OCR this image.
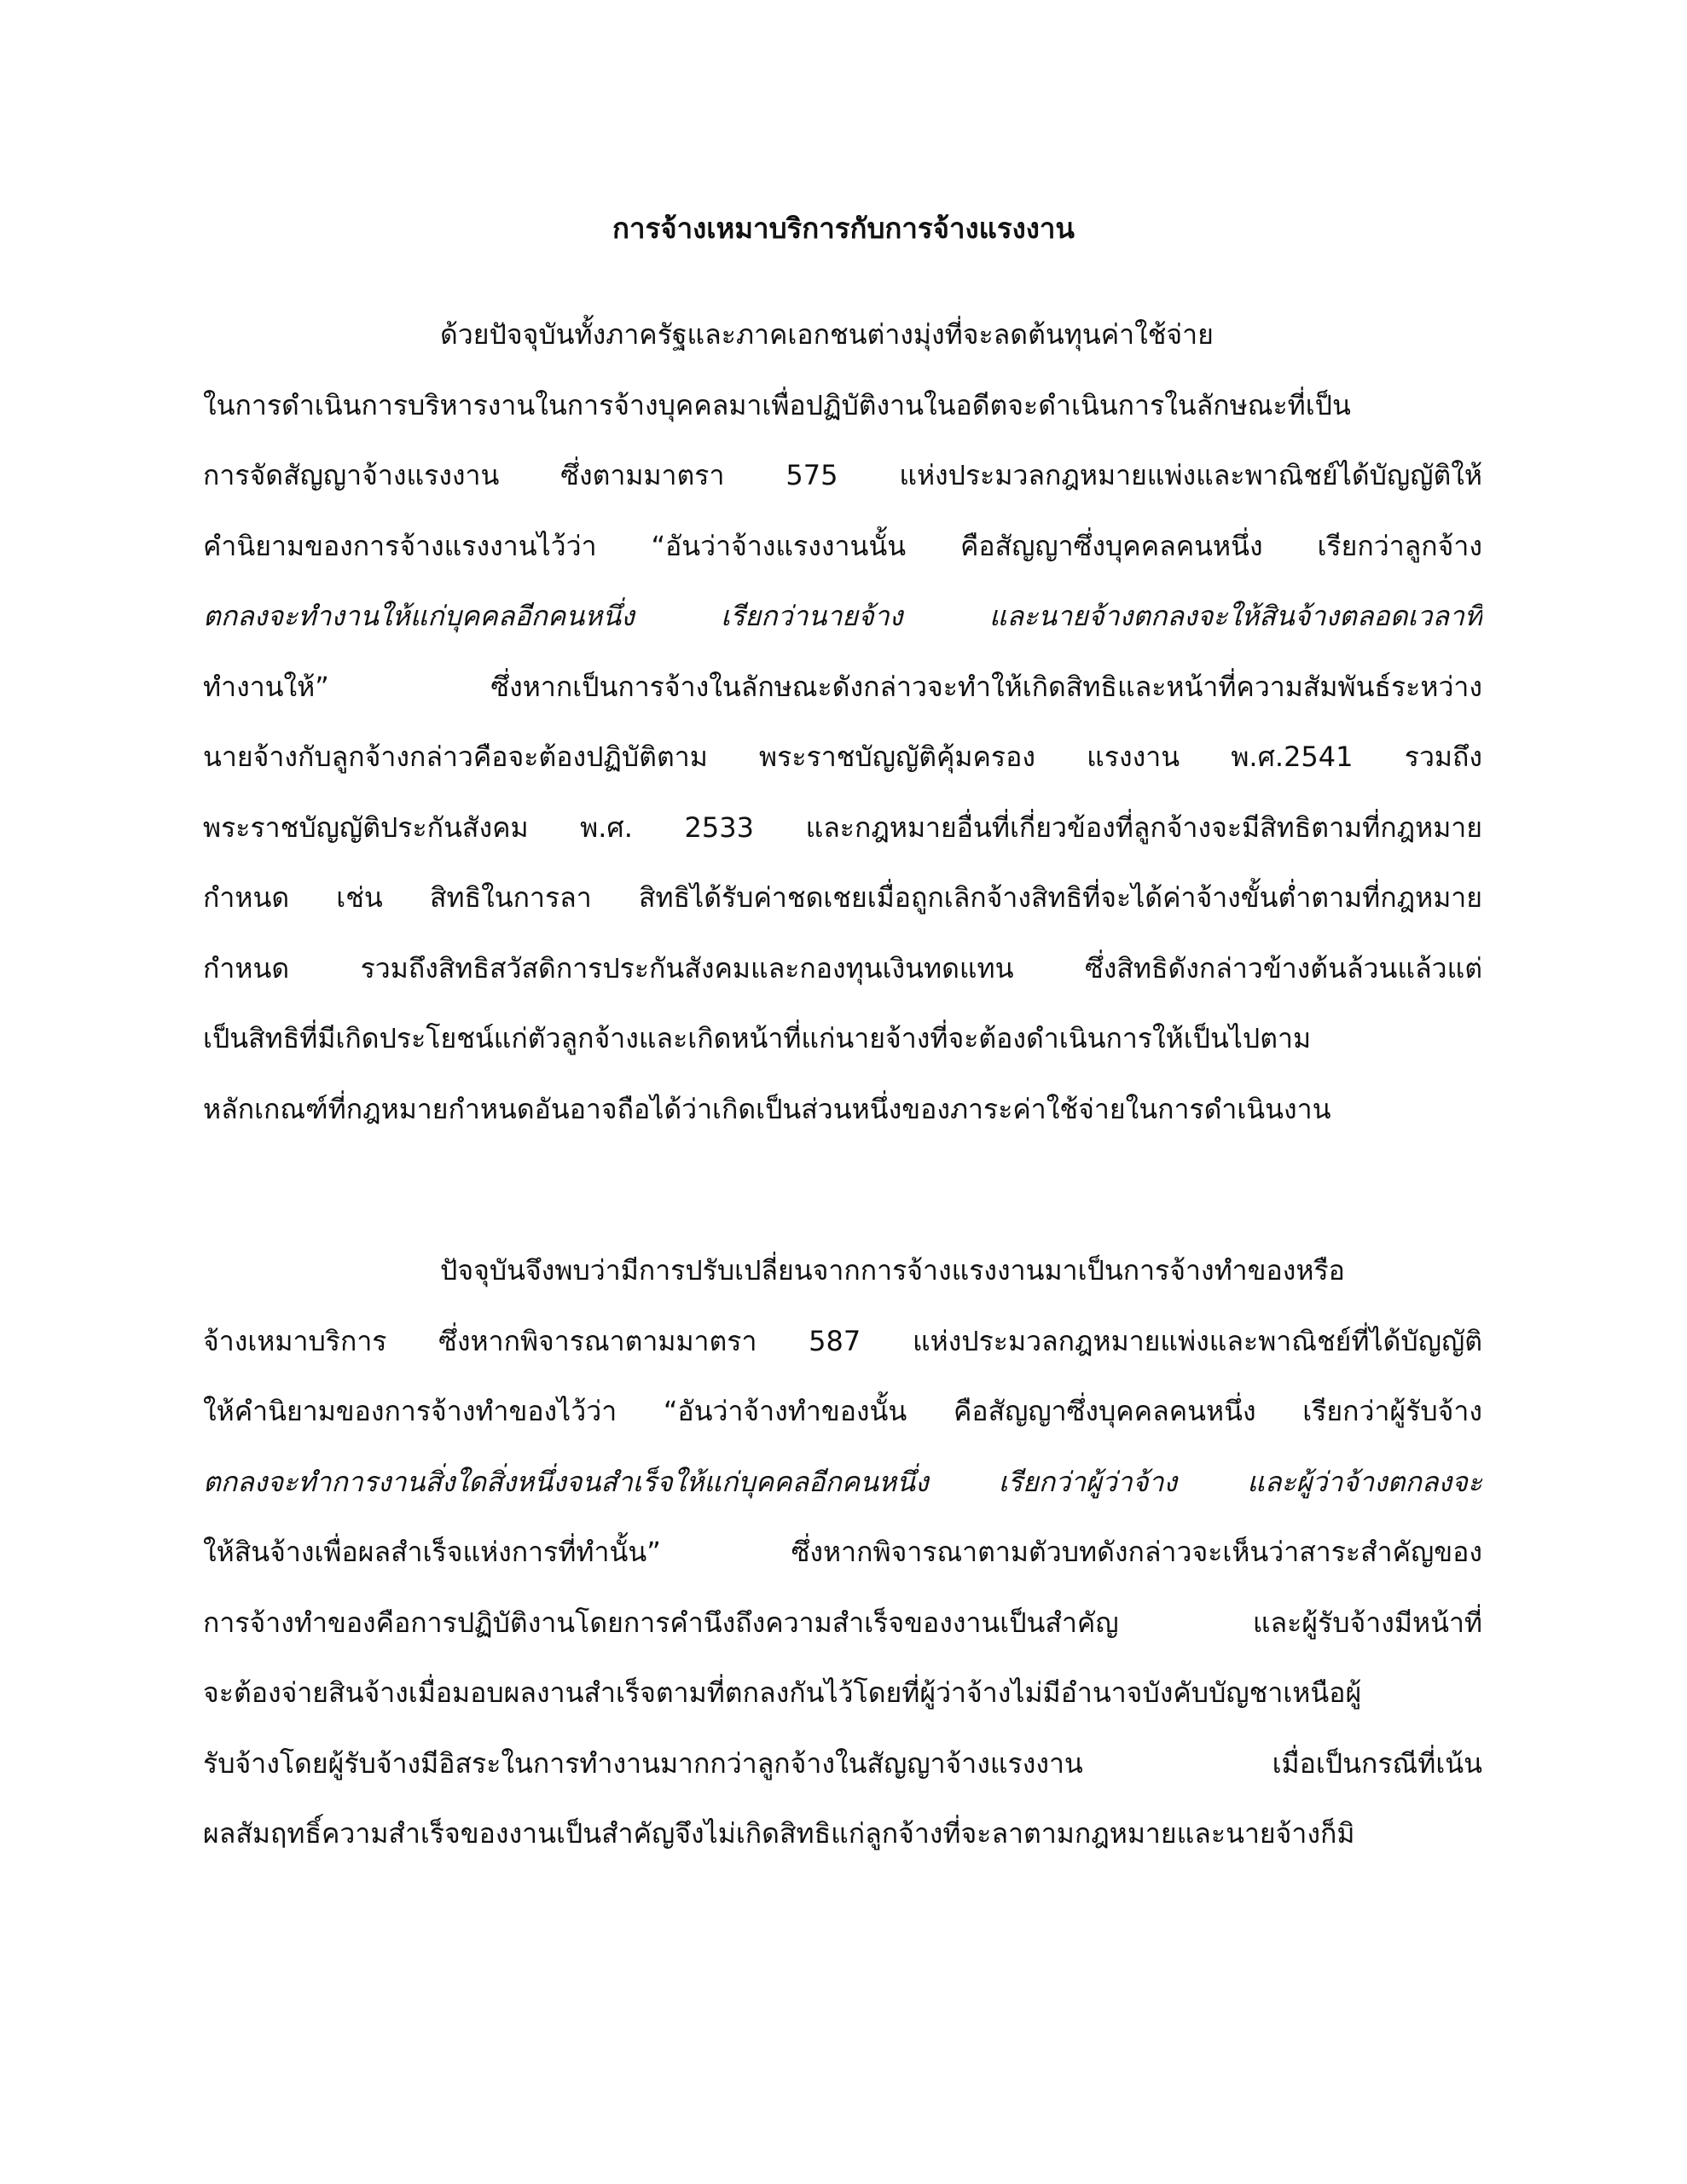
การจ้างเหมาบริการกับการจ้างแรงงาน
ด้วยปัจจุบันทั้งภาครัฐและภาคเอกชนต่างมุ่งที่จะลดต้นทุนค่าใช้จ่าย
ในการดำเนินการบริหารงานในการจ้างบุคคลมาเพื่อปฏิบัติงานในอดีตจะดำเนินการในลักษณะที่เป็น
การจัดสัญญาจ้างแรงงาน ซึ่งตามมาตรา 575 แห่งประมวลกฎหมายแพ่งและพาณิชย์ได้บัญญัติให้
คำนิยามของการจ้างแรงงานไว้ว่า “อันว่าจ้างแรงงานนั้น คือสัญญาซึ่งบุคคลคนหนึ่ง เรียกว่าลูกจ้าง
ตกลงจะทำงานให้แก่บุคคลอีกคนหนึ่ง เรียกว่านายจ้าง และนายจ้างตกลงจะให้สินจ้างตลอดเวลาที่
ทำงานให้” ซึ่งหากเป็นการจ้างในลักษณะดังกล่าวจะทำให้เกิดสิทธิและหน้าที่ความสัมพันธ์ระหว่าง
นายจ้างกับลูกจ้างกล่าวคือจะต้องปฏิบัติตาม พระราชบัญญัติคุ้มครอง แรงงาน พ.ศ.2541 รวมถึง
พระราชบัญญัติประกันสังคม พ.ศ. 2533 และกฎหมายอื่นที่เกี่ยวข้องที่ลูกจ้างจะมีสิทธิตามที่กฎหมาย
กำหนด เช่น สิทธิในการลา สิทธิได้รับค่าชดเชยเมื่อถูกเลิกจ้างสิทธิที่จะได้ค่าจ้างขั้นต่ำตามที่กฎหมาย
กำหนด รวมถึงสิทธิสวัสดิการประกันสังคมและกองทุนเงินทดแทน ซึ่งสิทธิดังกล่าวข้างต้นล้วนแล้วแต่
เป็นสิทธิที่มีเกิดประโยชน์แก่ตัวลูกจ้างและเกิดหน้าที่แก่นายจ้างที่จะต้องดำเนินการให้เป็นไปตาม
หลักเกณฑ์ที่กฎหมายกำหนดอันอาจถือได้ว่าเกิดเป็นส่วนหนึ่งของภาระค่าใช้จ่ายในการดำเนินงาน
ปัจจุบันจึงพบว่ามีการปรับเปลี่ยนจากการจ้างแรงงานมาเป็นการจ้างทำของหรือ
จ้างเหมาบริการ ซึ่งหากพิจารณาตามมาตรา 587 แห่งประมวลกฎหมายแพ่งและพาณิชย์ที่ได้บัญญัติ
ให้คำนิยามของการจ้างทำของไว้ว่า “อันว่าจ้างทำของนั้น คือสัญญาซึ่งบุคคลคนหนึ่ง เรียกว่าผู้รับจ้าง
ตกลงจะทำการงานสิ่งใดสิ่งหนึ่งจนสำเร็จให้แก่บุคคลอีกคนหนึ่ง เรียกว่าผู้ว่าจ้าง และผู้ว่าจ้างตกลงจะ
ให้สินจ้างเพื่อผลสำเร็จแห่งการที่ทำนั้น” ซึ่งหากพิจารณาตามตัวบทดังกล่าวจะเห็นว่าสาระสำคัญของ
การจ้างทำของคือการปฏิบัติงานโดยการคำนึงถึงความสำเร็จของงานเป็นสำคัญ และผู้รับจ้างมีหน้าที่
จะต้องจ่ายสินจ้างเมื่อมอบผลงานสำเร็จตามที่ตกลงกันไว้โดยที่ผู้ว่าจ้างไม่มีอำนาจบังคับบัญชาเหนือผู้
รับจ้างโดยผู้รับจ้างมีอิสระในการทำงานมากกว่าลูกจ้างในสัญญาจ้างแรงงาน เมื่อเป็นกรณีที่เน้น
ผลสัมฤทธิ์ความสำเร็จของงานเป็นสำคัญจึงไม่เกิดสิทธิแก่ลูกจ้างที่จะลาตามกฎหมายและนายจ้างก็มิ
